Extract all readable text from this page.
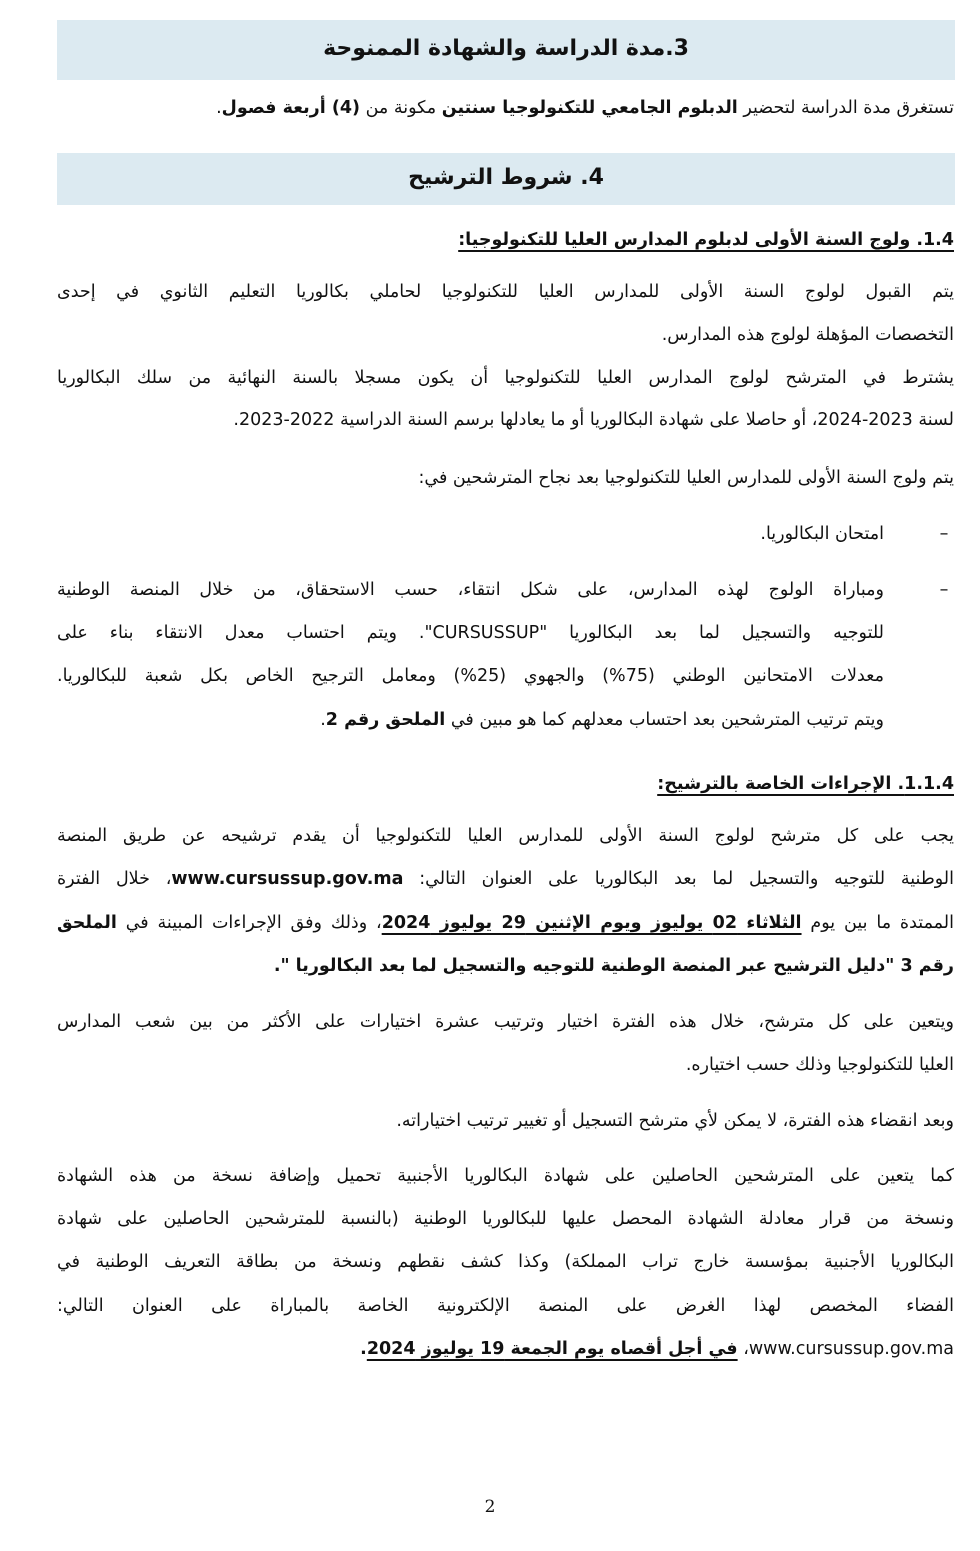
3.مدة الدراسة والشهادة الممنوحة
تستغرق مدة الدراسة لتحضير الدبلوم الجامعي للتكنولوجيا سنتين مكونة من (4) أربعة فصول.
4. شروط الترشيح
1.4. ولوج السنة الأولى لدبلوم المدارس العليا للتكنولوجيا:
يتم القبول لولوج السنة الأولى للمدارس العليا للتكنولوجيا لحاملي بكالوريا التعليم الثانوي في إحدى
التخصصات المؤهلة لولوج هذه المدارس.
يشترط في المترشح لولوج المدارس العليا للتكنولوجيا أن يكون مسجلا بالسنة النهائية من سلك البكالوريا
لسنة 2023-2024، أو حاصلا على شهادة البكالوريا أو ما يعادلها برسم السنة الدراسية 2022-2023.
يتم ولوج السنة الأولى للمدارس العليا للتكنولوجيا بعد نجاح المترشحين في:
–
امتحان البكالوريا.
–
ومباراة الولوج لهذه المدارس، على شكل انتقاء، حسب الاستحقاق، من خلال المنصة الوطنية
للتوجيه والتسجيل لما بعد البكالوريا "CURSUSSUP". ويتم احتساب معدل الانتقاء بناء على
معدلات الامتحانين الوطني (75%) والجهوي (25%) ومعامل الترجيح الخاص بكل شعبة للبكالوريا.
ويتم ترتيب المترشحين بعد احتساب معدلهم كما هو مبين في الملحق رقم 2.
1.1.4. الإجراءات الخاصة بالترشيح:
يجب على كل مترشح لولوج السنة الأولى للمدارس العليا للتكنولوجيا أن يقدم ترشيحه عن طريق المنصة
الوطنية للتوجيه والتسجيل لما بعد البكالوريا على العنوان التالي: www.cursussup.gov.ma، خلال الفترة
الممتدة ما بين يوم الثلاثاء 02 يوليوز ويوم الإثنين 29 يوليوز 2024، وذلك وفق الإجراءات المبينة في الملحق
رقم 3 "دليل الترشيح عبر المنصة الوطنية للتوجيه والتسجيل لما بعد البكالوريا ".
ويتعين على كل مترشح، خلال هذه الفترة اختيار وترتيب عشرة اختيارات على الأكثر من بين شعب المدارس
العليا للتكنولوجيا وذلك حسب اختياره.
وبعد انقضاء هذه الفترة، لا يمكن لأي مترشح التسجيل أو تغيير ترتيب اختياراته.
كما يتعين على المترشحين الحاصلين على شهادة البكالوريا الأجنبية تحميل وإضافة نسخة من هذه الشهادة
ونسخة من قرار معادلة الشهادة المحصل عليها للبكالوريا الوطنية (بالنسبة للمترشحين الحاصلين على شهادة
البكالوريا الأجنبية بمؤسسة خارج تراب المملكة) وكذا كشف نقطهم ونسخة من بطاقة التعريف الوطنية في
الفضاء المخصص لهذا الغرض على المنصة الإلكترونية الخاصة بالمباراة على العنوان التالي:
www.cursussup.gov.ma، في أجل أقصاه يوم الجمعة 19 يوليوز 2024.
2
